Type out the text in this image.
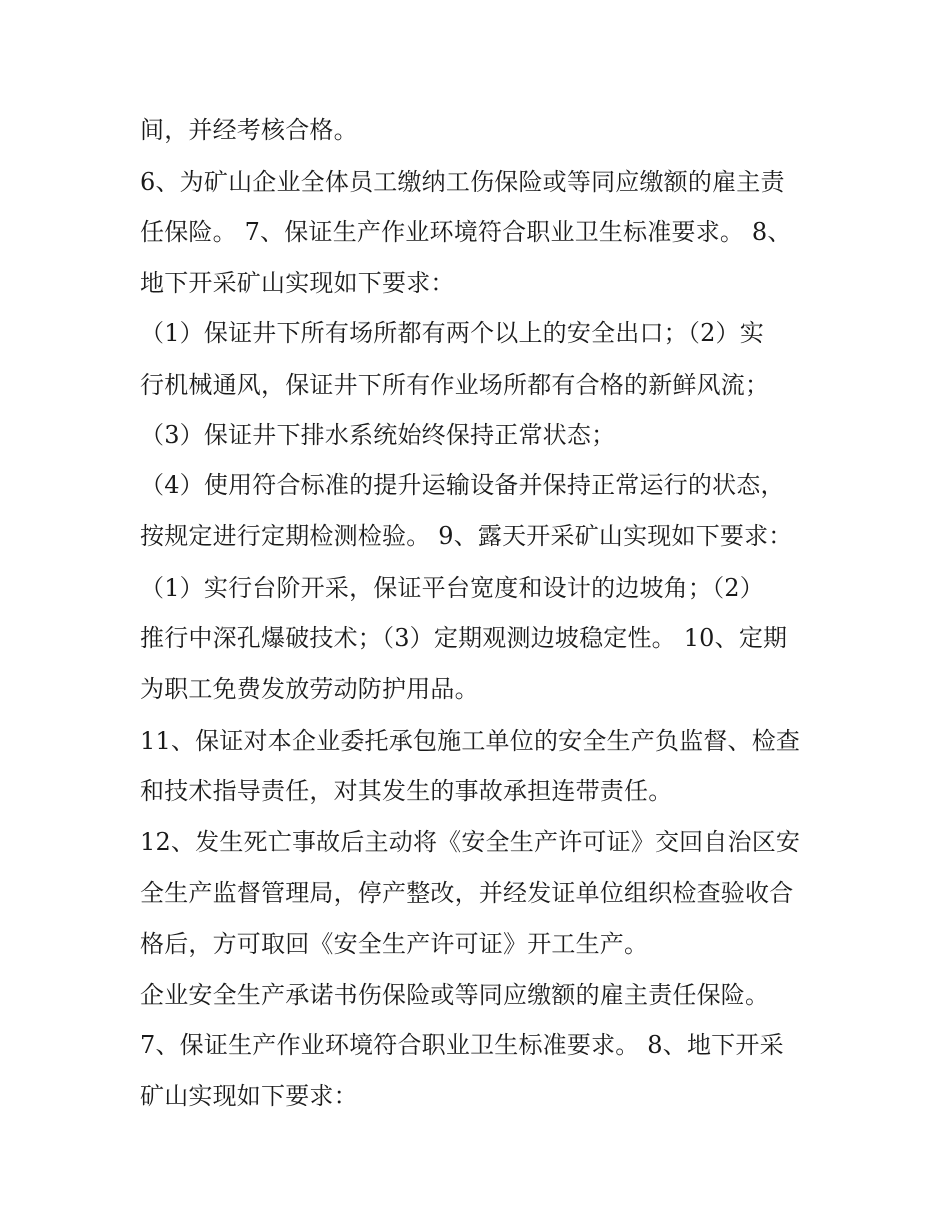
间，并经考核合格。
6、为矿山企业全体员工缴纳工伤保险或等同应缴额的雇主责
任保险。 7、保证生产作业环境符合职业卫生标准要求。 8、
地下开采矿山实现如下要求：
（1）保证井下所有场所都有两个以上的安全出口；（2）实
行机械通风，保证井下所有作业场所都有合格的新鲜风流；
（3）保证井下排水系统始终保持正常状态；
（4）使用符合标准的提升运输设备并保持正常运行的状态，
按规定进行定期检测检验。 9、露天开采矿山实现如下要求：
（1）实行台阶开采，保证平台宽度和设计的边坡角；（2）
推行中深孔爆破技术；（3）定期观测边坡稳定性。 10、定期
为职工免费发放劳动防护用品。
11、保证对本企业委托承包施工单位的安全生产负监督、检查
和技术指导责任，对其发生的事故承担连带责任。
12、发生死亡事故后主动将《安全生产许可证》交回自治区安
全生产监督管理局，停产整改，并经发证单位组织检查验收合
格后，方可取回《安全生产许可证》开工生产。
企业安全生产承诺书伤保险或等同应缴额的雇主责任保险。
7、保证生产作业环境符合职业卫生标准要求。 8、地下开采
矿山实现如下要求：
